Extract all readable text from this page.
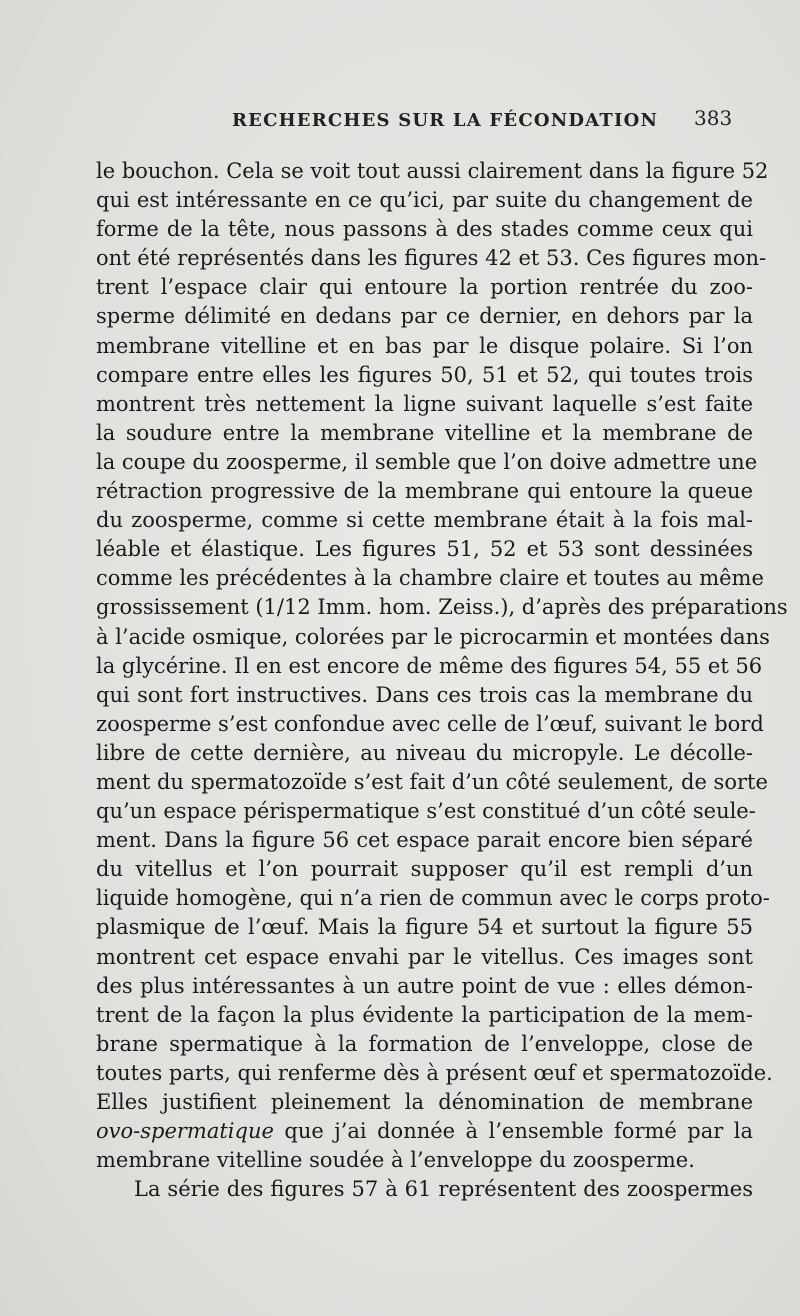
RECHERCHES SUR LA FÉCONDATION 383
le bouchon. Cela se voit tout aussi clairement dans la figure 52
qui est intéressante en ce qu’ici, par suite du changement de
forme de la tête, nous passons à des stades comme ceux qui
ont été représentés dans les figures 42 et 53. Ces figures mon-
trent l’espace clair qui entoure la portion rentrée du zoo-
sperme délimité en dedans par ce dernier, en dehors par la
membrane vitelline et en bas par le disque polaire. Si l’on
compare entre elles les figures 50, 51 et 52, qui toutes trois
montrent très nettement la ligne suivant laquelle s’est faite
la soudure entre la membrane vitelline et la membrane de
la coupe du zoosperme, il semble que l’on doive admettre une
rétraction progressive de la membrane qui entoure la queue
du zoosperme, comme si cette membrane était à la fois mal-
léable et élastique. Les figures 51, 52 et 53 sont dessinées
comme les précédentes à la chambre claire et toutes au même
grossissement (1/12 Imm. hom. Zeiss.), d’après des préparations
à l’acide osmique, colorées par le picrocarmin et montées dans
la glycérine. Il en est encore de même des figures 54, 55 et 56
qui sont fort instructives. Dans ces trois cas la membrane du
zoosperme s’est confondue avec celle de l’œuf, suivant le bord
libre de cette dernière, au niveau du micropyle. Le décolle-
ment du spermatozoïde s’est fait d’un côté seulement, de sorte
qu’un espace périspermatique s’est constitué d’un côté seule-
ment. Dans la figure 56 cet espace parait encore bien séparé
du vitellus et l’on pourrait supposer qu’il est rempli d’un
liquide homogène, qui n’a rien de commun avec le corps proto-
plasmique de l’œuf. Mais la figure 54 et surtout la figure 55
montrent cet espace envahi par le vitellus. Ces images sont
des plus intéressantes à un autre point de vue : elles démon-
trent de la façon la plus évidente la participation de la mem-
brane spermatique à la formation de l’enveloppe, close de
toutes parts, qui renferme dès à présent œuf et spermatozoïde.
Elles justifient pleinement la dénomination de membrane
ovo-spermatique que j’ai donnée à l’ensemble formé par la
membrane vitelline soudée à l’enveloppe du zoosperme.
La série des figures 57 à 61 représentent des zoospermes
